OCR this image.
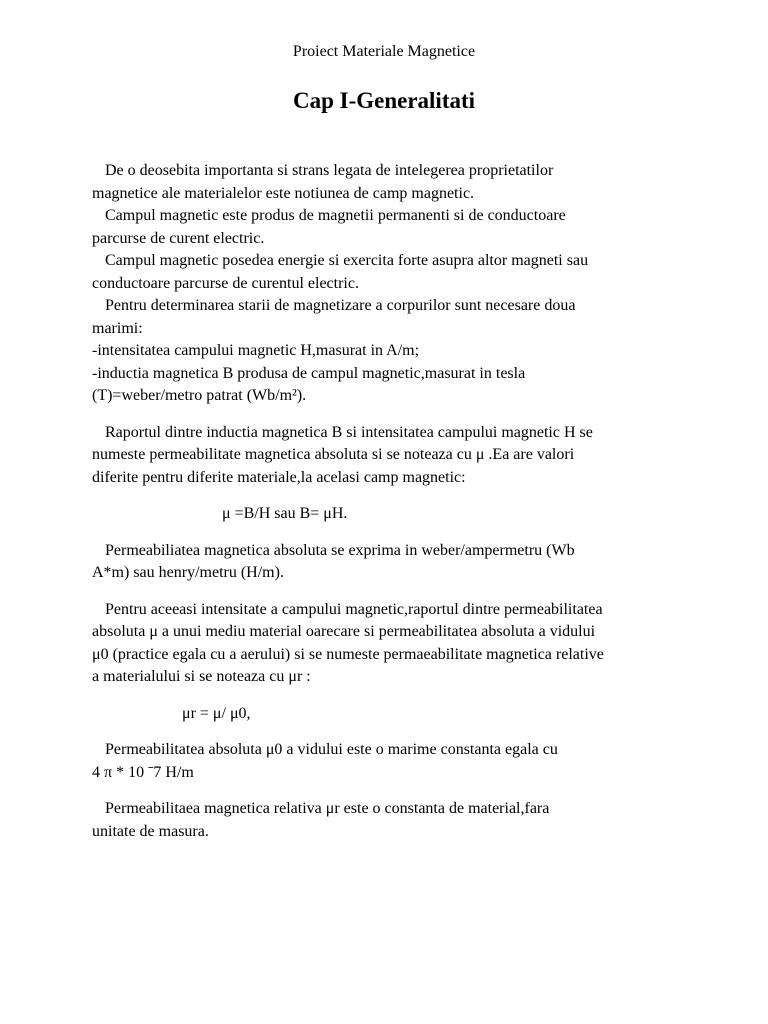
Proiect Materiale Magnetice
Cap I-Generalitati

De o deosebita importanta si strans legata de intelegerea proprietatilor

magnetice ale materialelor este notiunea de camp magnetic.

Campul magnetic este produs de magnetii permanenti si de conductoare

parcurse de curent electric.

Campul magnetic posedea energie si exercita forte asupra altor magneti sau

conductoare parcurse de curentul electric.

Pentru determinarea starii de magnetizare a corpurilor sunt necesare doua

marimi:

-intensitatea campului magnetic H,masurat in A/m;

-inductia magnetica B produsa de campul magnetic,masurat in tesla

(T)=weber/metro patrat (Wb/m²).

Raportul dintre inductia magnetica B si intensitatea campului magnetic H se

numeste permeabilitate magnetica absoluta si se noteaza cu μ .Ea are valori

diferite pentru diferite materiale,la acelasi camp magnetic:

μ =B/H sau B= μH.

Permeabiliatea magnetica absoluta se exprima in weber/ampermetru (Wb

A*m) sau henry/metru (H/m).

Pentru aceeasi intensitate a campului magnetic,raportul dintre permeabilitatea

absoluta μ a unui mediu material oarecare si permeabilitatea absoluta a vidului

μ0 (practice egala cu a aerului) si se numeste permaeabilitate magnetica relative

a materialului si se noteaza cu μr :

μr = μ/ μ0,

Permeabilitatea absoluta μ0 a vidului este o marime constanta egala cu

4 π * 10 ˉ7 H/m

Permeabilitaea magnetica relativa μr este o constanta de material,fara

unitate de masura.
